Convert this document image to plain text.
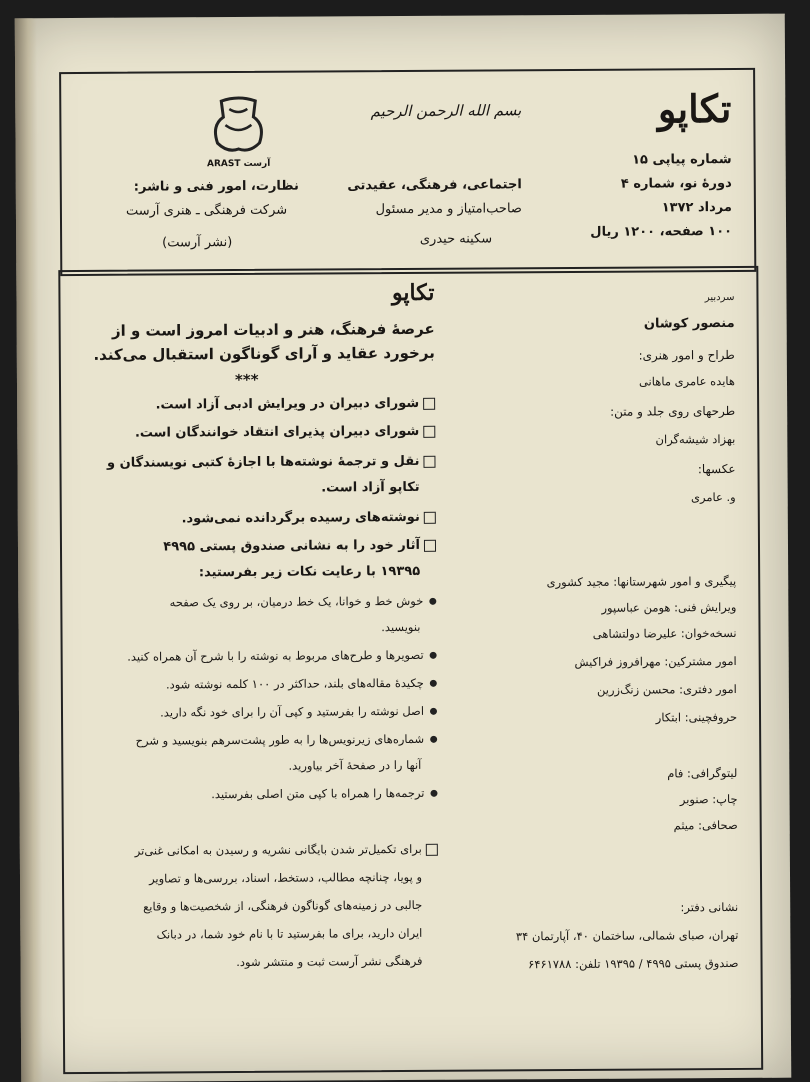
تکاپو
شماره پیاپی ۱۵
دورهٔ نو، شماره ۴
مرداد ۱۳۷۲
۱۰۰ صفحه، ۱۲۰۰ ریال
بسم الله الرحمن الرحیم
اجتماعی، فرهنگی، عقیدتی
صاحب‌امتیاز و مدیر مسئول
سکینه حیدری
ARAST آرست
نظارت، امور فنی و ناشر:
شرکت فرهنگی ـ هنری آرست
(نشر آرست)
سردبیر
منصور کوشان
طراح و امور هنری:
هایده عامری ماهانی
طرحهای روی جلد و متن:
بهزاد شیشه‌گران
عکسها:
و. عامری
پیگیری و امور شهرستانها: مجید کشوری
ویرایش فنی: هومن عباسپور
نسخه‌خوان: علیرضا دولتشاهی
امور مشترکین: مهرافروز فراکیش
امور دفتری: محسن زنگ‌زرین
حروفچینی: ابتکار
لیتوگرافی: فام
چاپ: صنوبر
صحافی: میثم
نشانی دفتر:
تهران، صبای شمالی، ساختمان ۴۰، آپارتمان ۳۴
صندوق پستی ۴۹۹۵ / ۱۹۳۹۵ تلفن: ۶۴۶۱۷۸۸
تکاپو
عرصهٔ فرهنگ، هنر و ادبیات امروز است و از
برخورد عقاید و آرای گوناگون استقبال می‌کند.
***
شورای دبیران در ویرایش ادبی آزاد است.
شورای دبیران پذیرای انتقاد خوانندگان است.
نقل و ترجمهٔ نوشته‌ها با اجازهٔ کتبی نویسندگان و
تکاپو آزاد است.
نوشته‌های رسیده برگردانده نمی‌شود.
آثار خود را به نشانی صندوق پستی ۴۹۹۵
۱۹۳۹۵ با رعایت نکات زیر بفرستید:
خوش خط و خوانا، یک خط درمیان، بر روی یک صفحه
بنویسید.
تصویرها و طرح‌های مربوط به نوشته را با شرح آن همراه کنید.
چکیدهٔ مقاله‌های بلند، حداکثر در ۱۰۰ کلمه نوشته شود.
اصل نوشته را بفرستید و کپی آن را برای خود نگه دارید.
شماره‌های زیرنویس‌ها را به طور پشت‌سرهم بنویسید و شرح
آنها را در صفحهٔ آخر بیاورید.
ترجمه‌ها را همراه با کپی متن اصلی بفرستید.
برای تکمیل‌تر شدن بایگانی نشریه و رسیدن به امکانی غنی‌تر
و پویا، چنانچه مطالب، دستخط، اسناد، بررسی‌ها و تصاویر
جالبی در زمینه‌های گوناگون فرهنگی، از شخصیت‌ها و وقایع
ایران دارید، برای ما بفرستید تا با نام خود شما، در دبانک
فرهنگی نشر آرست ثبت و منتشر شود.
